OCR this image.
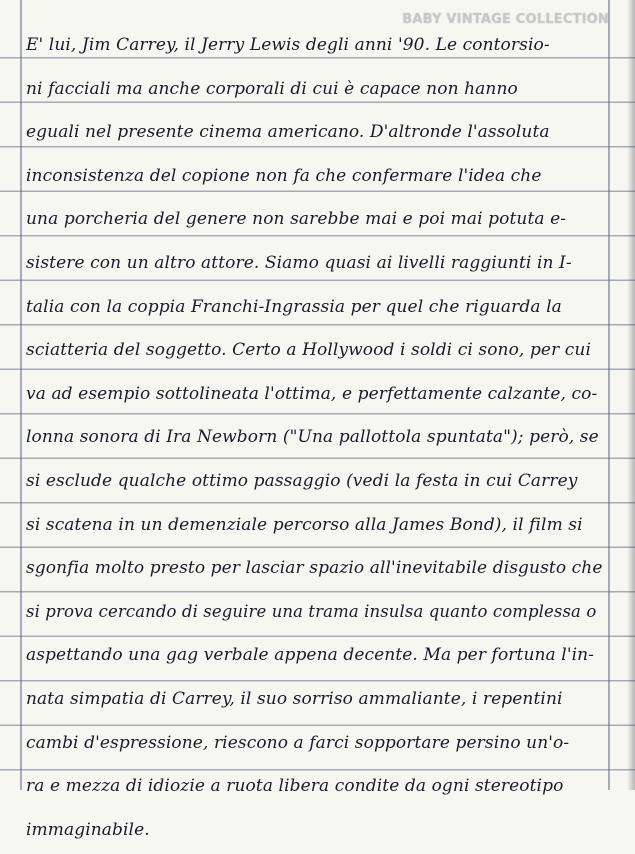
BABY VINTAGE COLLECTION
E' lui, Jim Carrey, il Jerry Lewis degli anni '90. Le contorsio-
ni facciali ma anche corporali di cui è capace non hanno
eguali nel presente cinema americano. D'altronde l'assoluta
inconsistenza del copione non fa che confermare l'idea che
una porcheria del genere non sarebbe mai e poi mai potuta e-
sistere con un altro attore. Siamo quasi ai livelli raggiunti in I-
talia con la coppia Franchi-Ingrassia per quel che riguarda la
sciatteria del soggetto. Certo a Hollywood i soldi ci sono, per cui
va ad esempio sottolineata l'ottima, e perfettamente calzante, co-
lonna sonora di Ira Newborn ("Una pallottola spuntata"); però, se
si esclude qualche ottimo passaggio (vedi la festa in cui Carrey
si scatena in un demenziale percorso alla James Bond), il film si
sgonfia molto presto per lasciar spazio all'inevitabile disgusto che
si prova cercando di seguire una trama insulsa quanto complessa o
aspettando una gag verbale appena decente. Ma per fortuna l'in-
nata simpatia di Carrey, il suo sorriso ammaliante, i repentini
cambi d'espressione, riescono a farci sopportare persino un'o-
ra e mezza di idiozie a ruota libera condite da ogni stereotipo
immaginabile.
